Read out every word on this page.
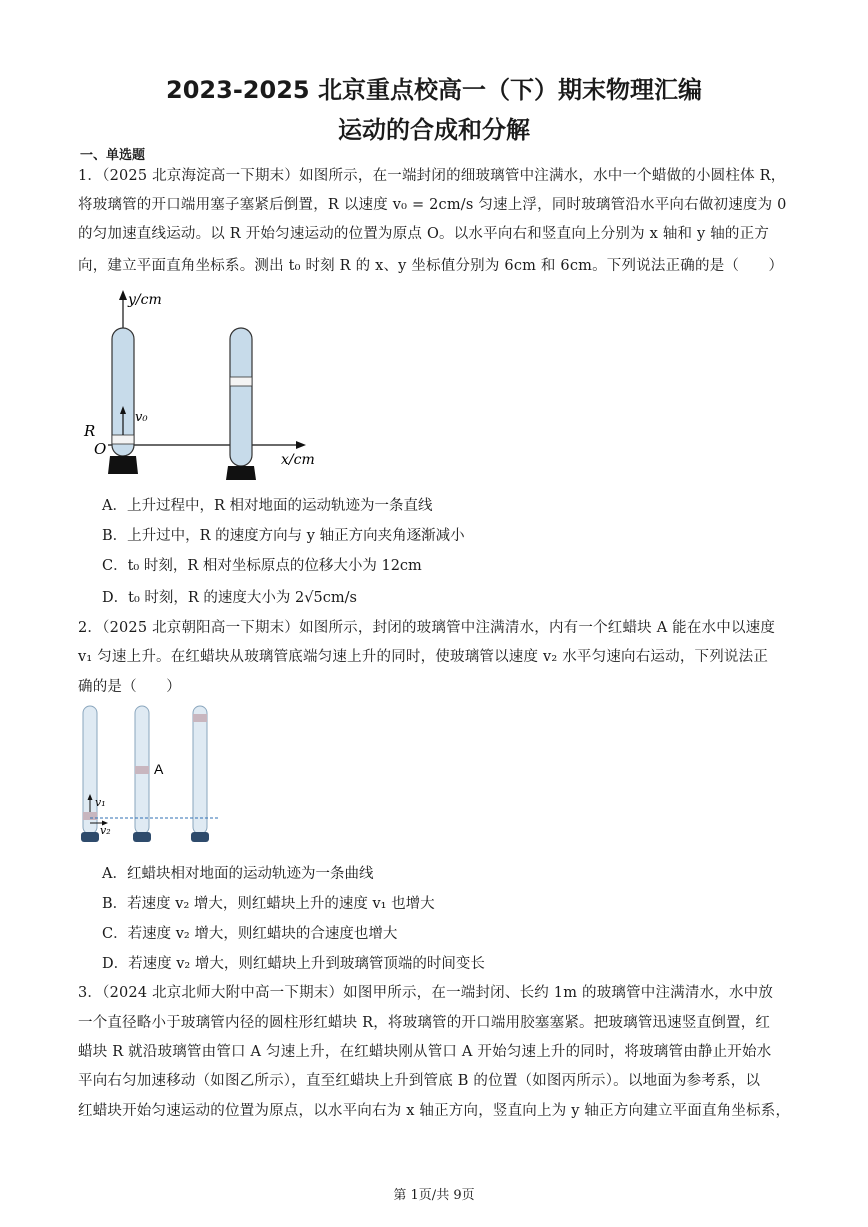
2023-2025 北京重点校高一（下）期末物理汇编
运动的合成和分解
一、单选题
1．（2025 北京海淀高一下期末）如图所示，在一端封闭的细玻璃管中注满水，水中一个蜡做的小圆柱体 R，
将玻璃管的开口端用塞子塞紧后倒置，R 以速度 v₀ = 2cm/s 匀速上浮，同时玻璃管沿水平向右做初速度为 0
的匀加速直线运动。以 R 开始匀速运动的位置为原点 O。以水平向右和竖直向上分别为 x 轴和 y 轴的正方
向，建立平面直角坐标系。测出 t₀ 时刻 R 的 x、y 坐标值分别为 6cm 和 6cm。下列说法正确的是（　　）
y/cm
x/cm
R
O
v₀
A．上升过程中，R 相对地面的运动轨迹为一条直线
B．上升过中，R 的速度方向与 y 轴正方向夹角逐渐减小
C．t₀ 时刻，R 相对坐标原点的位移大小为 12cm
D．t₀ 时刻，R 的速度大小为 2√5cm/s
2．（2025 北京朝阳高一下期末）如图所示，封闭的玻璃管中注满清水，内有一个红蜡块 A 能在水中以速度
v₁ 匀速上升。在红蜡块从玻璃管底端匀速上升的同时，使玻璃管以速度 v₂ 水平匀速向右运动，下列说法正
确的是（　　）
A
v₁
v₂
A．红蜡块相对地面的运动轨迹为一条曲线
B．若速度 v₂ 增大，则红蜡块上升的速度 v₁ 也增大
C．若速度 v₂ 增大，则红蜡块的合速度也增大
D．若速度 v₂ 增大，则红蜡块上升到玻璃管顶端的时间变长
3．（2024 北京北师大附中高一下期末）如图甲所示，在一端封闭、长约 1m 的玻璃管中注满清水，水中放
一个直径略小于玻璃管内径的圆柱形红蜡块 R，将玻璃管的开口端用胶塞塞紧。把玻璃管迅速竖直倒置，红
蜡块 R 就沿玻璃管由管口 A 匀速上升，在红蜡块刚从管口 A 开始匀速上升的同时，将玻璃管由静止开始水
平向右匀加速移动（如图乙所示），直至红蜡块上升到管底 B 的位置（如图丙所示）。以地面为参考系，以
红蜡块开始匀速运动的位置为原点，以水平向右为 x 轴正方向，竖直向上为 y 轴正方向建立平面直角坐标系，
第 1页/共 9页
